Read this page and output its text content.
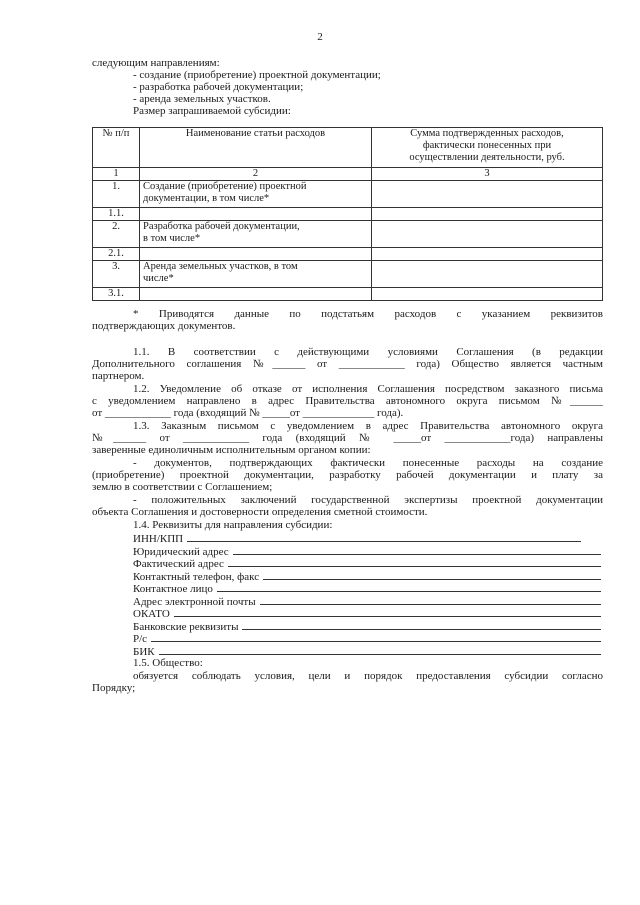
2
следующим направлениям:
- создание (приобретение) проектной документации;
- разработка рабочей документации;
- аренда земельных участков.
Размер запрашиваемой субсидии:
№ п/п	Наименование статьи расходов	Сумма подтвержденных расходов,
фактически понесенных при
осуществлении деятельности, руб.
1	2	3
1.	Создание (приобретение) проектной
документации, в том числе*	
1.1.		
2.	Разработка рабочей документации,
в том числе*	
2.1.		
3.	Аренда земельных участков, в том
числе*	
3.1.		
* Приводятся данные по подстатьям расходов с указанием реквизитов
подтверждающих документов.
1.1. В соответствии с действующими условиями Соглашения (в редакции
Дополнительного соглашения №______ от ____________ года) Общество является частным
партнером.
1.2. Уведомление об отказе от исполнения Соглашения посредством заказного письма
с уведомлением направлено в адрес Правительства автономного округа письмом №______
от ____________ года (входящий № _____от _____________ года).
1.3. Заказным письмом с уведомлением в адрес Правительства автономного округа
№______ от ____________ года (входящий № _____от ____________года) направлены
заверенные единоличным исполнительным органом копии:
- документов, подтверждающих фактически понесенные расходы на создание
(приобретение) проектной документации, разработку рабочей документации и плату за
землю в соответствии с Соглашением;
- положительных заключений государственной экспертизы проектной документации
объекта Соглашения и достоверности определения сметной стоимости.
1.4. Реквизиты для направления субсидии:
ИНН/КПП
Юридический адрес
Фактический адрес
Контактный телефон, факс
Контактное лицо
Адрес электронной почты
ОКАТО
Банковские реквизиты
Р/с
БИК
1.5. Общество:
обязуется соблюдать условия, цели и порядок предоставления субсидии согласно
Порядку;
